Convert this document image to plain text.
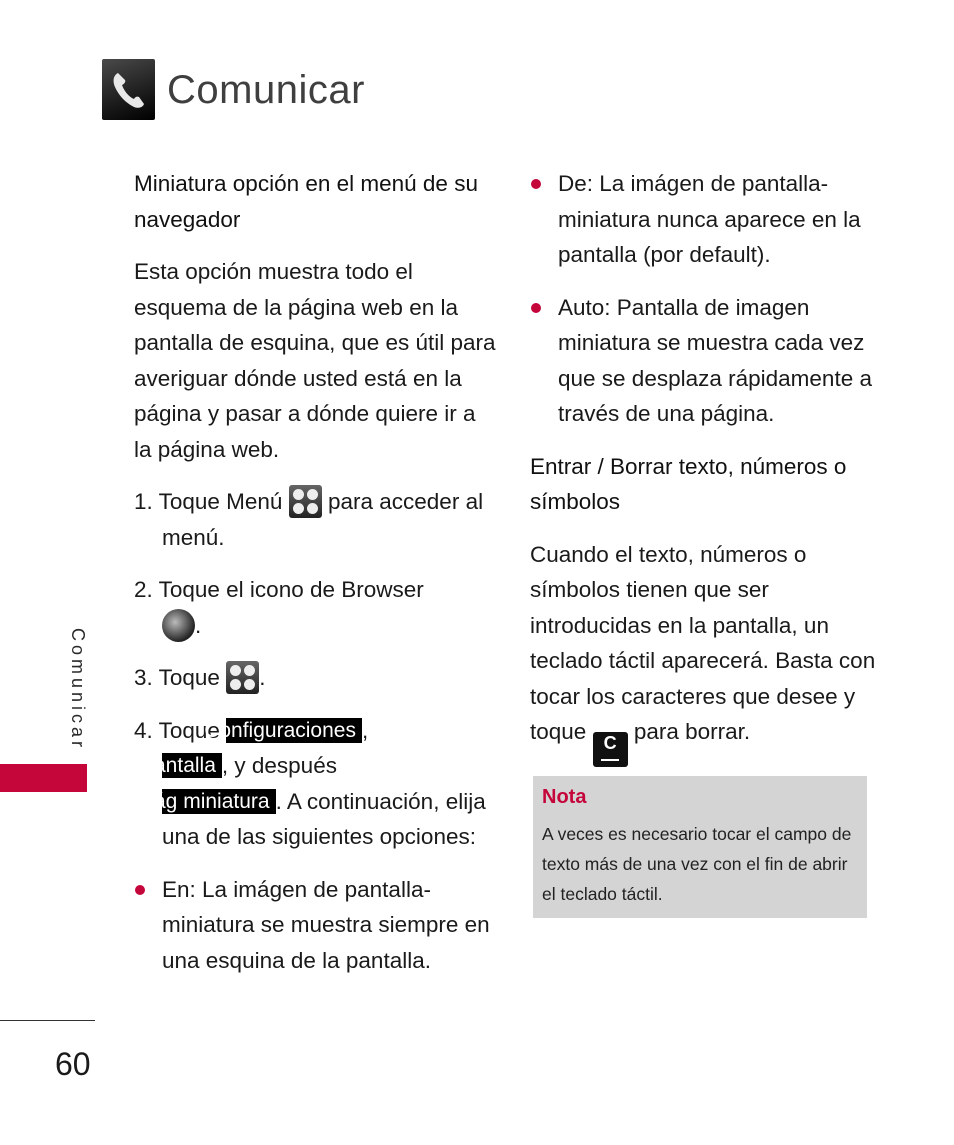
Comunicar
Comunicar
60

Miniatura opción en el menú de su navegador

Esta opción muestra todo el esquema de la página web en la pantalla de esquina, que es útil para averiguar dónde usted está en la página y pasar a dónde quiere ir a la página web.

1. Toque Menú para acceder al menú.

2. Toque el icono de Browser
.

3. Toque .

4. Toque Configuraciones ,
Pantalla , y después
Pág miniatura . A continuación, elija una de las siguientes opciones:

En: La imágen de pantalla-miniatura se muestra siempre en una esquina de la pantalla.

De: La imágen de pantalla-miniatura nunca aparece en la pantalla (por default).

Auto: Pantalla de imagen miniatura se muestra cada vez que se desplaza rápidamente a través de una página.

Entrar / Borrar texto, números o símbolos

Cuando el texto, números o símbolos tienen que ser introducidas en la pantalla, un teclado táctil aparecerá. Basta con tocar los caracteres que desee y toque C para borrar.

Nota
A veces es necesario tocar el campo de texto más de una vez con el fin de abrir el teclado táctil.
